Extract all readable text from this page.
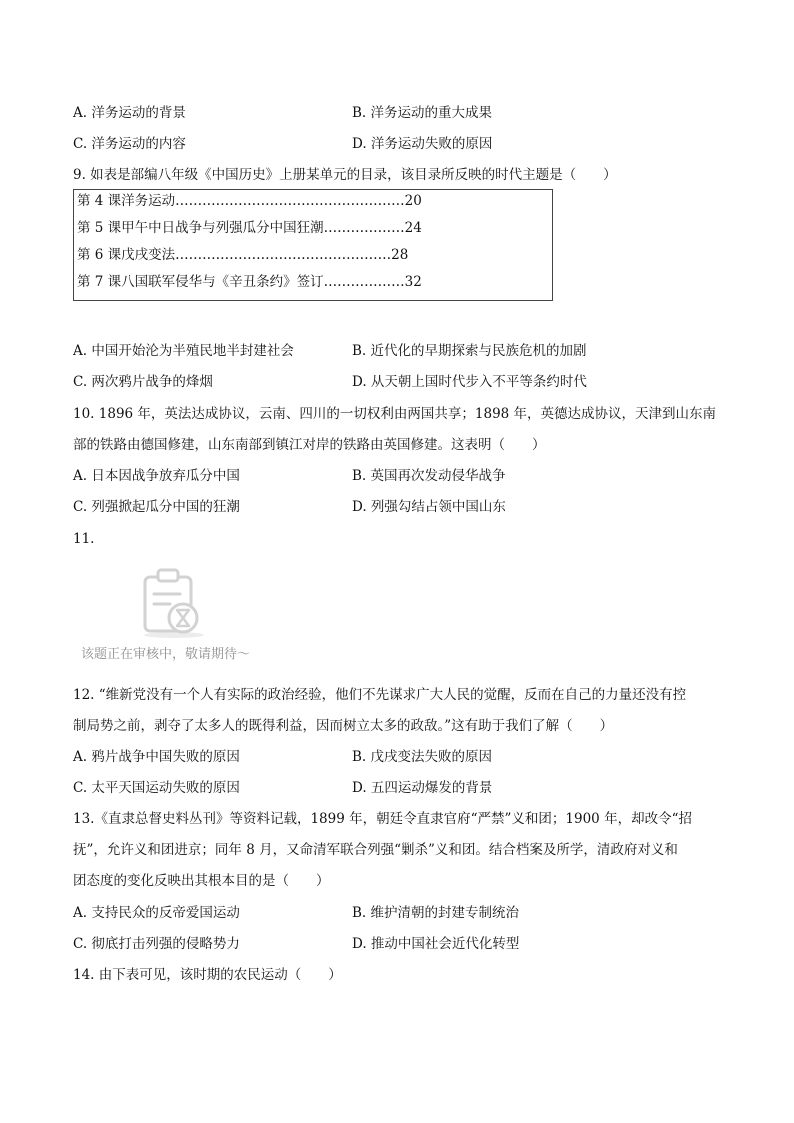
A. 洋务运动的背景	B. 洋务运动的重大成果
C. 洋务运动的内容	D. 洋务运动失败的原因
9. 如表是部编八年级《中国历史》上册某单元的目录，该目录所反映的时代主题是（　　）
第 4 课洋务运动……………………………………………20
第 5 课甲午中日战争与列强瓜分中国狂潮………………24
第 6 课戊戌变法…………………………………………28
第 7 课八国联军侵华与《辛丑条约》签订………………32
A. 中国开始沦为半殖民地半封建社会	B. 近代化的早期探索与民族危机的加剧
C. 两次鸦片战争的烽烟	D. 从天朝上国时代步入不平等条约时代
10. 1896 年，英法达成协议，云南、四川的一切权利由两国共享；1898 年，英德达成协议，天津到山东南
部的铁路由德国修建，山东南部到镇江对岸的铁路由英国修建。这表明（　　）
A. 日本因战争放弃瓜分中国	B. 英国再次发动侵华战争
C. 列强掀起瓜分中国的狂潮	D. 列强勾结占领中国山东
11.
该题正在审核中，敬请期待～
12. “维新党没有一个人有实际的政治经验，他们不先谋求广大人民的觉醒，反而在自己的力量还没有控
制局势之前，剥夺了太多人的既得利益，因而树立太多的政敌。”这有助于我们了解（　　）
A. 鸦片战争中国失败的原因	B. 戊戌变法失败的原因
C. 太平天国运动失败的原因	D. 五四运动爆发的背景
13.《直隶总督史料丛刊》等资料记载，1899 年，朝廷令直隶官府“严禁”义和团；1900 年，却改令“招
抚”，允许义和团进京；同年 8 月，又命清军联合列强“剿杀”义和团。结合档案及所学，清政府对义和
团态度的变化反映出其根本目的是（　　）
A. 支持民众的反帝爱国运动	B. 维护清朝的封建专制统治
C. 彻底打击列强的侵略势力	D. 推动中国社会近代化转型
14. 由下表可见，该时期的农民运动（　　）
